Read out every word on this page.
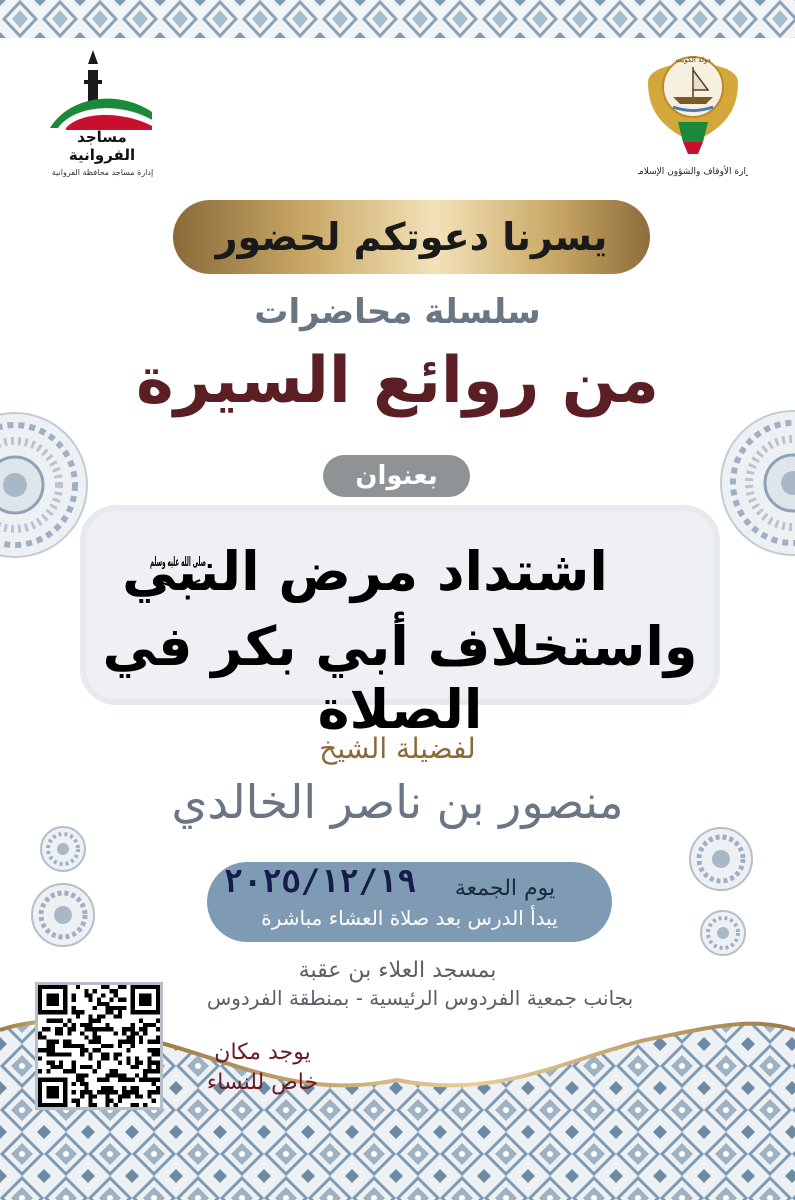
مساجد الفروانية
إدارة مساجد محافظة الفروانية	ارة الأوقاف والشؤون الإسلام
دولة الكويت
يسرنا دعوتكم لحضور
سلسلة محاضرات
من روائع السيرة
بعنوان
اشتداد مرض النبي
صلى الله عليه وسلم
واستخلاف أبي بكر في الصلاة
لفضيلة الشيخ
منصور بن ناصر الخالدي
يوم الجمعة
٢٠٢٥/١٢/١٩
يبدأ الدرس بعد صلاة العشاء مباشرة
بمسجد العلاء بن عقبة
بجانب جمعية الفردوس الرئيسية - بمنطقة الفردوس
يوجد مكان
خاص للنساء
